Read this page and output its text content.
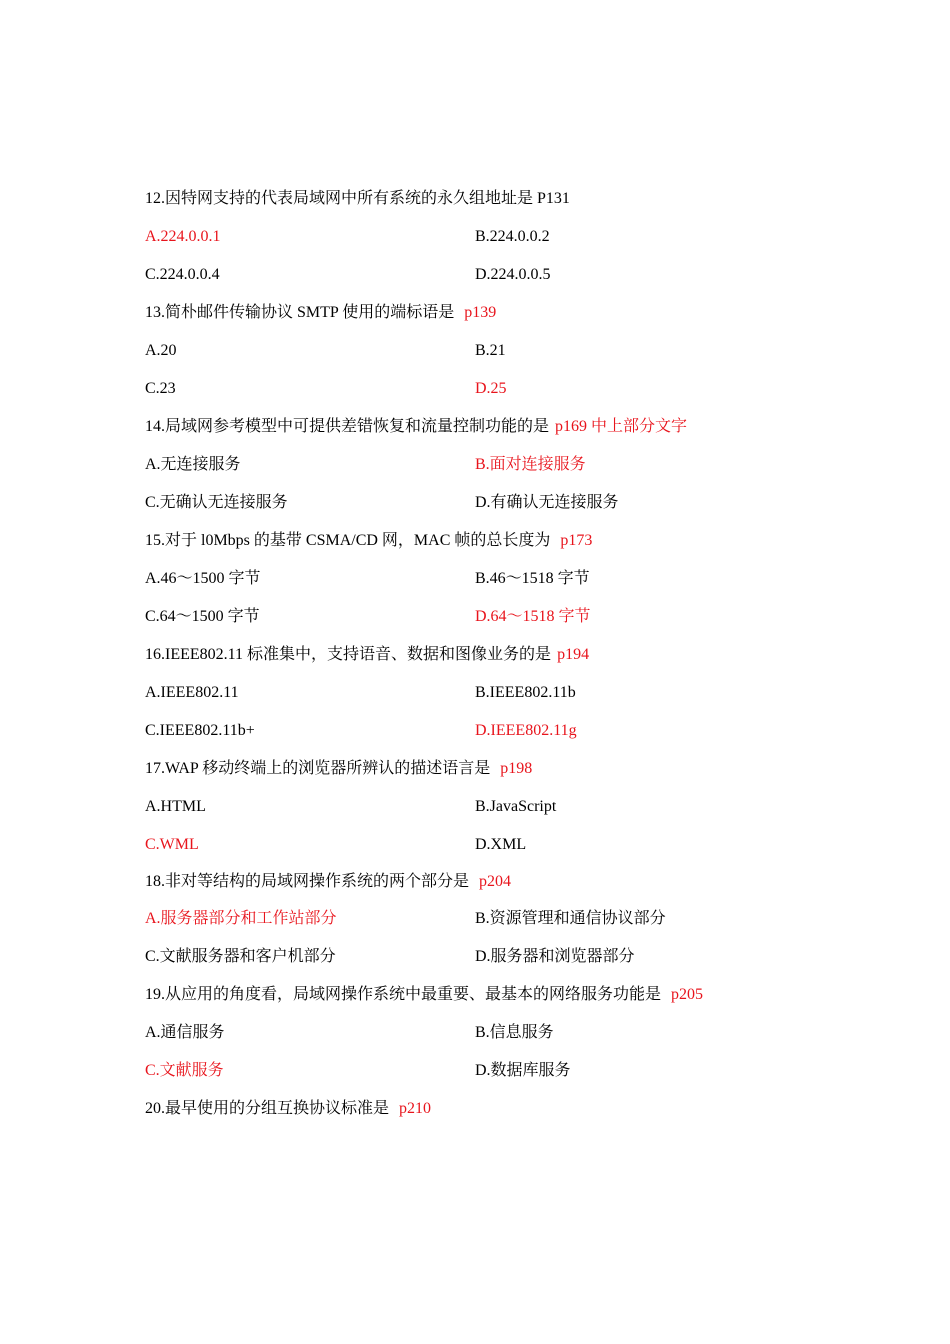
12.因特网支持的代表局域网中所有系统的永久组地址是 P131
A.224.0.0.1	B.224.0.0.2
C.224.0.0.4	D.224.0.0.5
13.简朴邮件传输协议 SMTP 使用的端标语是 p139
A.20	B.21
C.23	D.25
14.局域网参考模型中可提供差错恢复和流量控制功能的是 p169 中上部分文字
A.无连接服务	B.面对连接服务
C.无确认无连接服务	D.有确认无连接服务
15.对于 l0Mbps 的基带 CSMA/CD 网，MAC 帧的总长度为 p173
A.46～1500 字节	B.46～1518 字节
C.64～1500 字节	D.64～1518 字节
16.IEEE802.11 标准集中，支持语音、数据和图像业务的是 p194
A.IEEE802.11	B.IEEE802.11b
C.IEEE802.11b+	D.IEEE802.11g
17.WAP 移动终端上的浏览器所辨认的描述语言是 p198
A.HTML	B.JavaScript
C.WML	D.XML
18.非对等结构的局域网操作系统的两个部分是 p204
A.服务器部分和工作站部分	B.资源管理和通信协议部分
C.文献服务器和客户机部分	D.服务器和浏览器部分
19.从应用的角度看，局域网操作系统中最重要、最基本的网络服务功能是 p205
A.通信服务	B.信息服务
C.文献服务	D.数据库服务
20.最早使用的分组互换协议标准是 p210
